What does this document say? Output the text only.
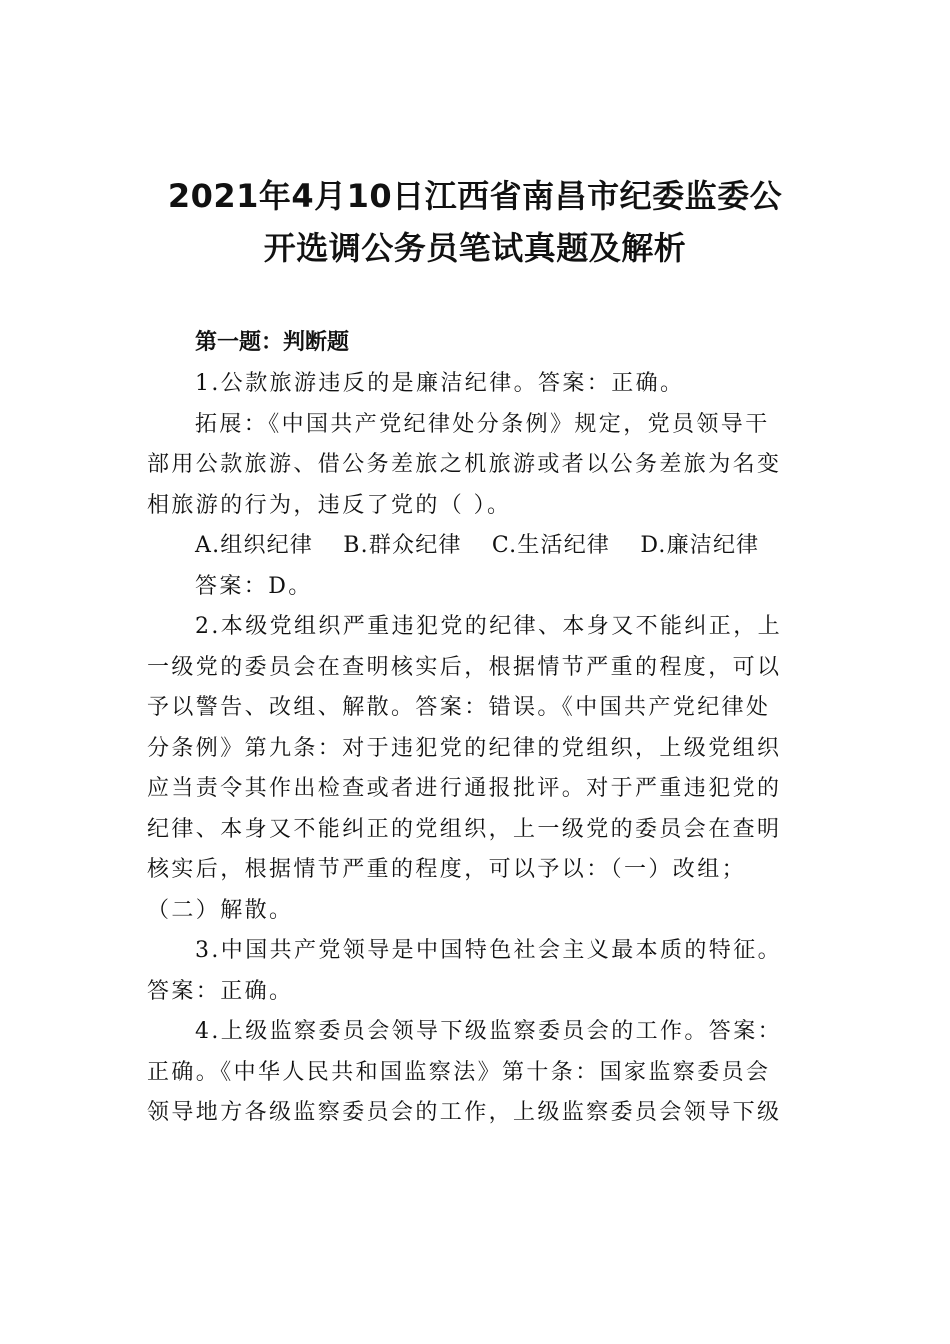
2021年4月10日江西省南昌市纪委监委公
开选调公务员笔试真题及解析
第一题：判断题
1.公款旅游违反的是廉洁纪律。答案：正确。
拓展：《中国共产党纪律处分条例》规定，党员领导干
部用公款旅游、借公务差旅之机旅游或者以公务差旅为名变
相旅游的行为，违反了党的（ ）。
A.组织纪律 B.群众纪律 C.生活纪律 D.廉洁纪律
答案：D。
2.本级党组织严重违犯党的纪律、本身又不能纠正，上
一级党的委员会在查明核实后，根据情节严重的程度，可以
予以警告、改组、解散。答案：错误。《中国共产党纪律处
分条例》第九条：对于违犯党的纪律的党组织，上级党组织
应当责令其作出检查或者进行通报批评。对于严重违犯党的
纪律、本身又不能纠正的党组织，上一级党的委员会在查明
核实后，根据情节严重的程度，可以予以：（一）改组；
（二）解散。
3.中国共产党领导是中国特色社会主义最本质的特征。
答案：正确。
4.上级监察委员会领导下级监察委员会的工作。答案：
正确。《中华人民共和国监察法》第十条：国家监察委员会
领导地方各级监察委员会的工作，上级监察委员会领导下级
